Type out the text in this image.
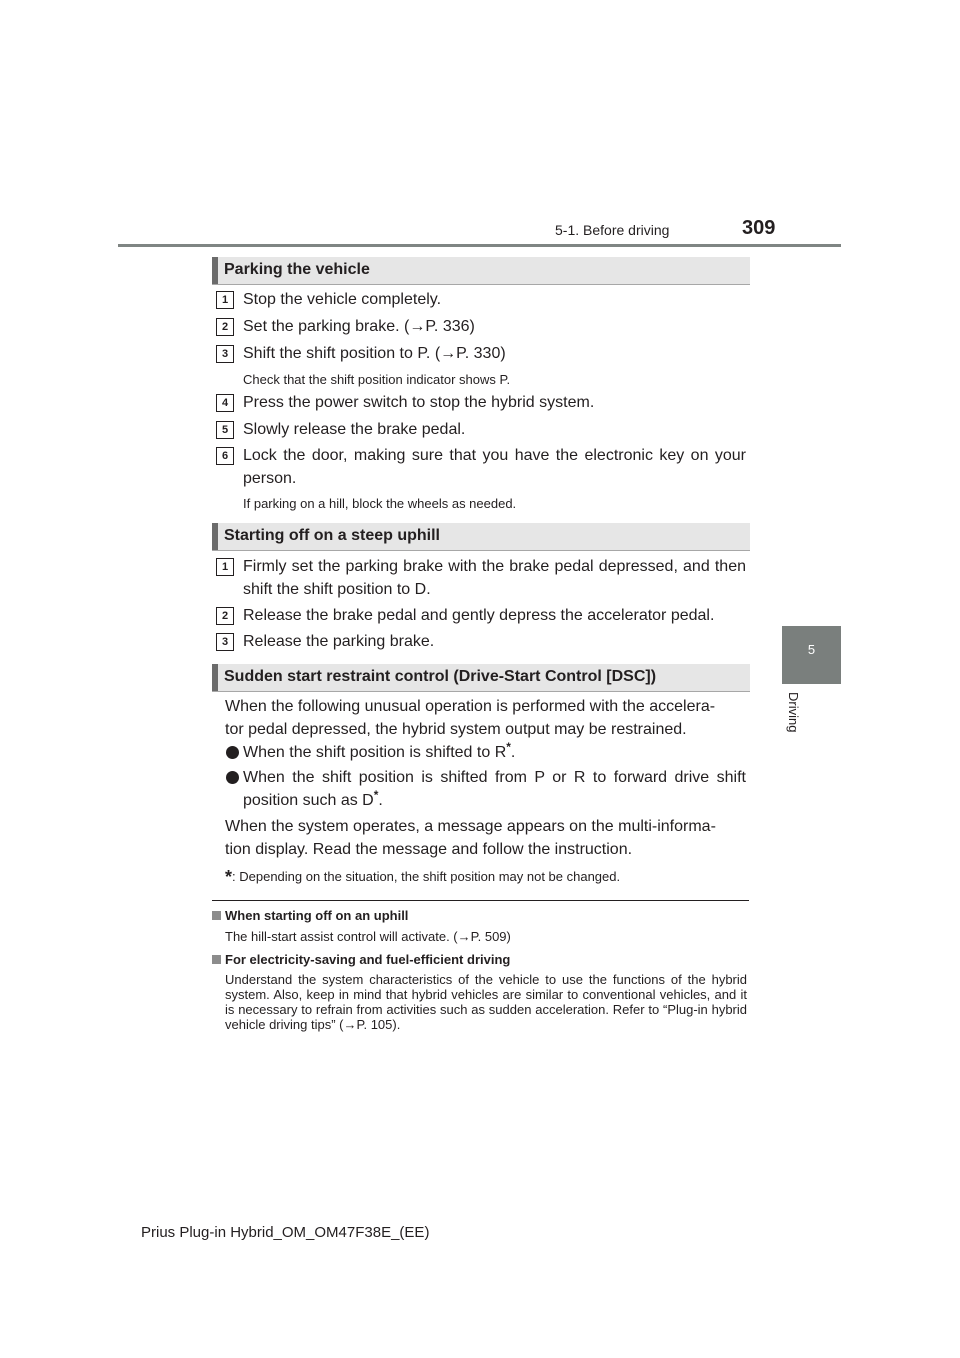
5-1. Before driving	309
5
Driving
Parking the vehicle
1 Stop the vehicle completely.
2 Set the parking brake. (→P. 336)
3 Shift the shift position to P. (→P. 330)
Check that the shift position indicator shows P.
4 Press the power switch to stop the hybrid system.
5 Slowly release the brake pedal.
6 Lock the door, making sure that you have the electronic key on your person.
If parking on a hill, block the wheels as needed.
Starting off on a steep uphill
1 Firmly set the parking brake with the brake pedal depressed, and then shift the shift position to D.
2 Release the brake pedal and gently depress the accelerator pedal.
3 Release the parking brake.
Sudden start restraint control (Drive-Start Control [DSC])
When the following unusual operation is performed with the accelera-
tor pedal depressed, the hybrid system output may be restrained.
When the shift position is shifted to R*.
When the shift position is shifted from P or R to forward drive shift position such as D*.
When the system operates, a message appears on the multi-informa-
tion display. Read the message and follow the instruction.
*: Depending on the situation, the shift position may not be changed.
When starting off on an uphill
The hill-start assist control will activate. (→P. 509)
For electricity-saving and fuel-efficient driving
Understand the system characteristics of the vehicle to use the functions of the hybrid system. Also, keep in mind that hybrid vehicles are similar to conventional vehicles, and it is necessary to refrain from activities such as sudden acceleration. Refer to “Plug-in hybrid vehicle driving tips” (→P. 105).
Prius Plug-in Hybrid_OM_OM47F38E_(EE)
